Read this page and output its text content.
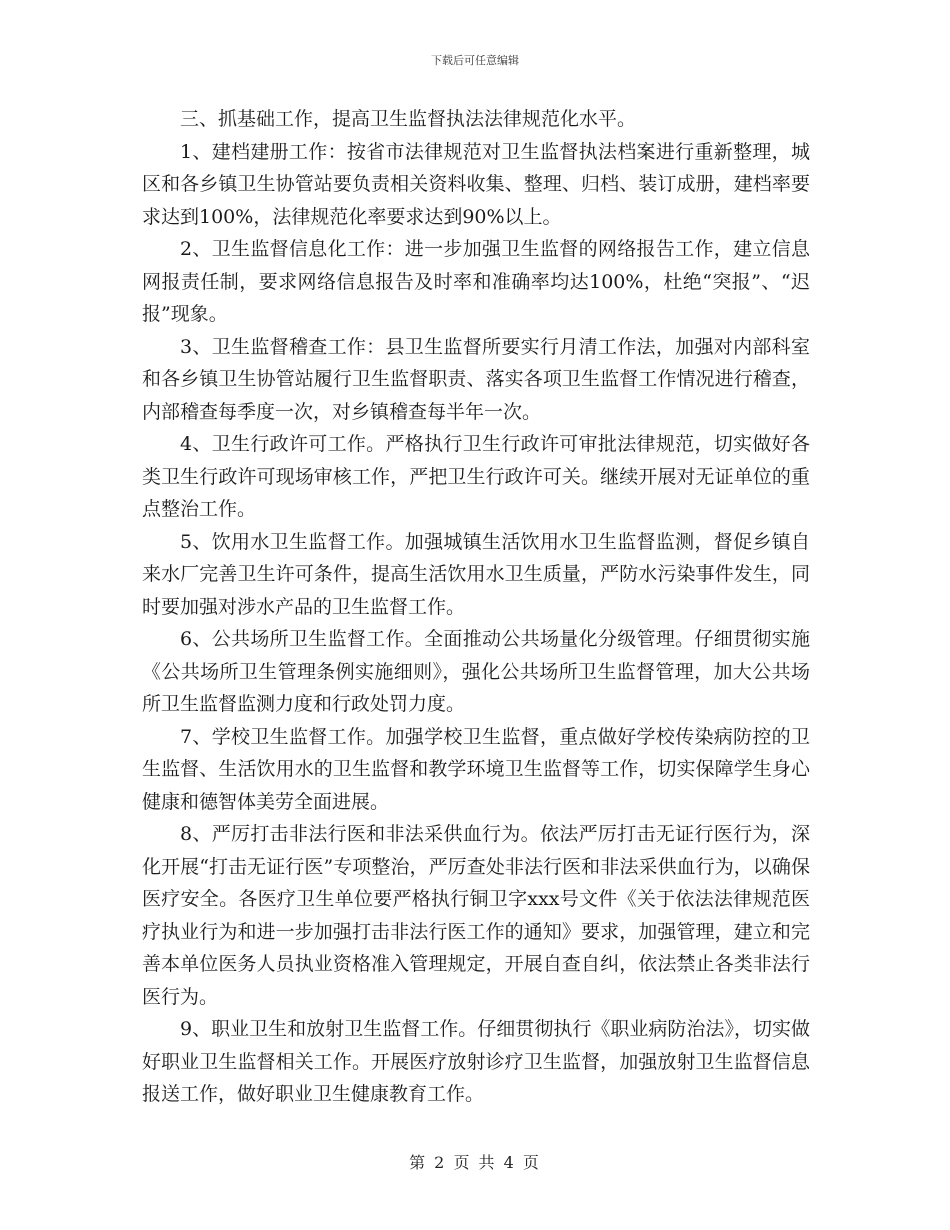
下载后可任意编辑

三、抓基础工作，提高卫生监督执法法律规范化水平。

1、建档建册工作：按省市法律规范对卫生监督执法档案进行重新整理，城区和各乡镇卫生协管站要负责相关资料收集、整理、归档、装订成册，建档率要求达到100%，法律规范化率要求达到90%以上。

2、卫生监督信息化工作：进一步加强卫生监督的网络报告工作，建立信息网报责任制，要求网络信息报告及时率和准确率均达100%，杜绝“突报”、“迟报”现象。

3、卫生监督稽查工作：县卫生监督所要实行月清工作法，加强对内部科室和各乡镇卫生协管站履行卫生监督职责、落实各项卫生监督工作情况进行稽查，内部稽查每季度一次，对乡镇稽查每半年一次。

4、卫生行政许可工作。严格执行卫生行政许可审批法律规范，切实做好各类卫生行政许可现场审核工作，严把卫生行政许可关。继续开展对无证单位的重点整治工作。

5、饮用水卫生监督工作。加强城镇生活饮用水卫生监督监测，督促乡镇自来水厂完善卫生许可条件，提高生活饮用水卫生质量，严防水污染事件发生，同时要加强对涉水产品的卫生监督工作。

6、公共场所卫生监督工作。全面推动公共场量化分级管理。仔细贯彻实施《公共场所卫生管理条例实施细则》，强化公共场所卫生监督管理，加大公共场所卫生监督监测力度和行政处罚力度。

7、学校卫生监督工作。加强学校卫生监督，重点做好学校传染病防控的卫生监督、生活饮用水的卫生监督和教学环境卫生监督等工作，切实保障学生身心健康和德智体美劳全面进展。

8、严厉打击非法行医和非法采供血行为。依法严厉打击无证行医行为，深化开展“打击无证行医”专项整治，严厉查处非法行医和非法采供血行为，以确保医疗安全。各医疗卫生单位要严格执行铜卫字xxx号文件《关于依法法律规范医疗执业行为和进一步加强打击非法行医工作的通知》要求，加强管理，建立和完善本单位医务人员执业资格准入管理规定，开展自查自纠，依法禁止各类非法行医行为。

9、职业卫生和放射卫生监督工作。仔细贯彻执行《职业病防治法》，切实做好职业卫生监督相关工作。开展医疗放射诊疗卫生监督，加强放射卫生监督信息报送工作，做好职业卫生健康教育工作。

第 2 页 共 4 页
